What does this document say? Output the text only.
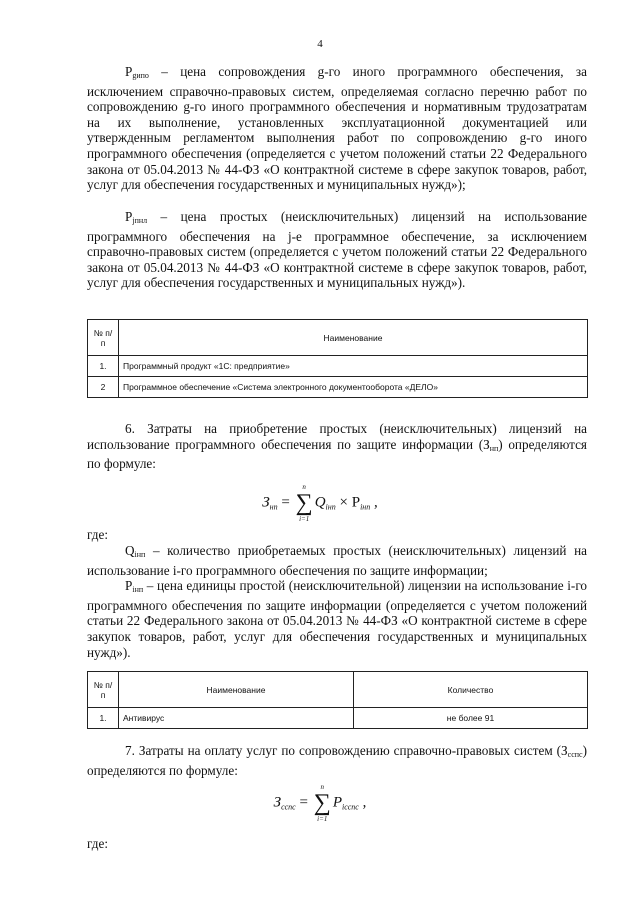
4
$P_{gипо}$ – цена сопровождения g-го иного программного обеспечения, за исключением справочно-правовых систем, определяемая согласно перечню работ по сопровождению g-го иного программного обеспечения и нормативным трудозатратам на их выполнение, установленных эксплуатационной документацией или утвержденным регламентом выполнения работ по сопровождению g-го иного программного обеспечения (определяется с учетом положений статьи 22 Федерального закона от 05.04.2013 № 44-ФЗ «О контрактной системе в сфере закупок товаров, работ, услуг для обеспечения государственных и муниципальных нужд»);
$P_{jпнл}$ – цена простых (неисключительных) лицензий на использование программного обеспечения на j-е программное обеспечение, за исключением справочно-правовых систем (определяется с учетом положений статьи 22 Федерального закона от 05.04.2013 № 44-ФЗ «О контрактной системе в сфере закупок товаров, работ, услуг для обеспечения государственных и муниципальных нужд»).
№ п/п	Наименование
1.	Программный продукт «1С: предприятие»
2	Программное обеспечение «Система электронного документооборота «ДЕЛО»
6. Затраты на приобретение простых (неисключительных) лицензий на использование программного обеспечения по защите информации $(З_{нп})$ определяются по формуле:
$З_{нп}$ =
n
∑
i=1
$Q_{iнп} \times P_{iнп}$ ,
где:
$Q_{iнп}$ – количество приобретаемых простых (неисключительных) лицензий на использование i-го программного обеспечения по защите информации;
$P_{iнп}$ – цена единицы простой (неисключительной) лицензии на использование i-го программного обеспечения по защите информации (определяется с учетом положений статьи 22 Федерального закона от 05.04.2013 № 44-ФЗ «О контрактной системе в сфере закупок товаров, работ, услуг для обеспечения государственных и муниципальных нужд»).
№ п/п	Наименование	Количество
1.	Антивирус	не более 91
7. Затраты на оплату услуг по сопровождению справочно-правовых систем $(З_{сспс})$ определяются по формуле:
$З_{сспс}$ =
n
∑
i=1
$P_{iсспс}$ ,
где:
